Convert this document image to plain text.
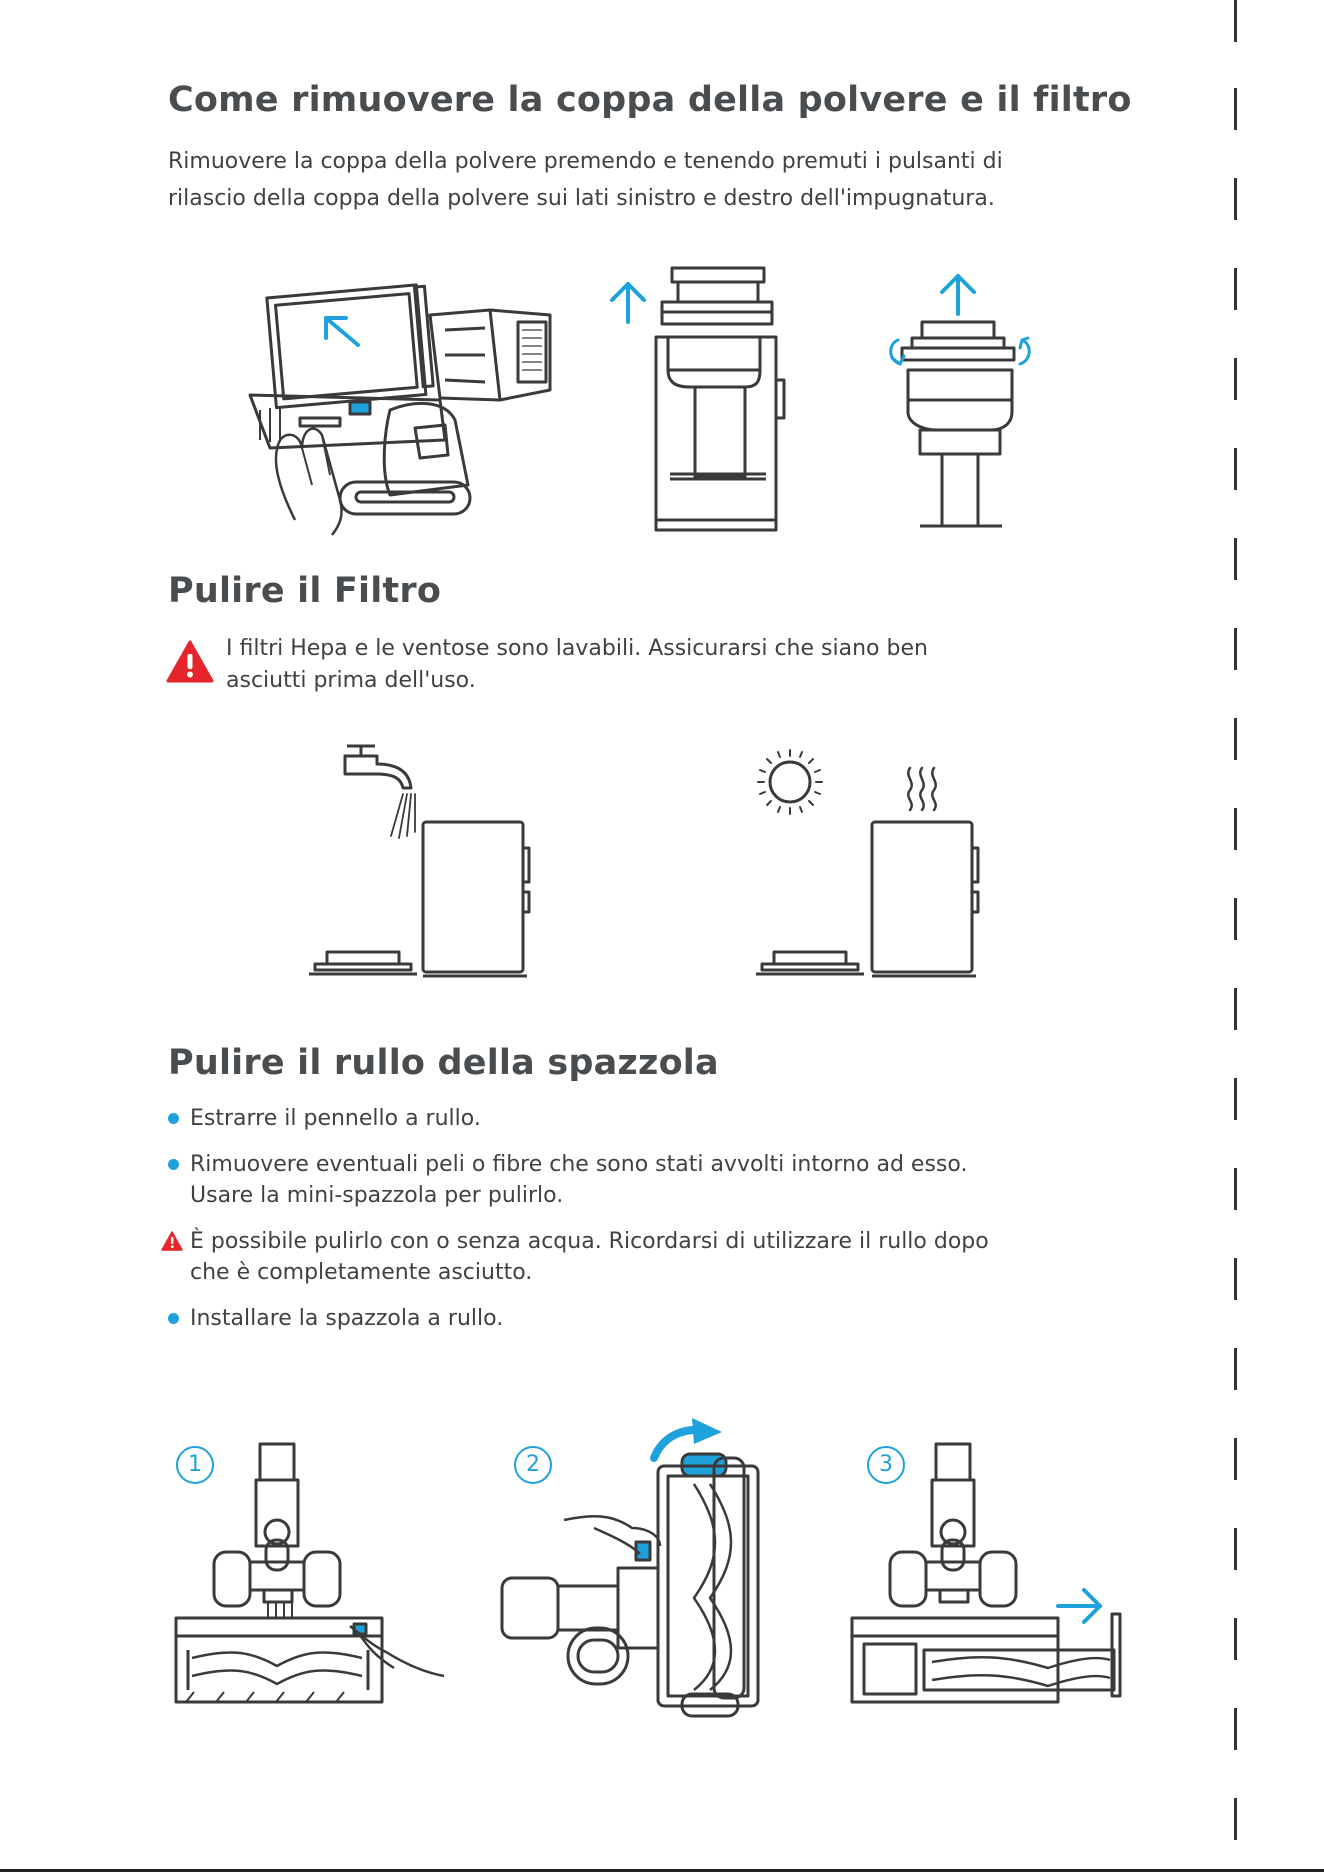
Come rimuovere la coppa della polvere e il filtro

Rimuovere la coppa della polvere premendo e tenendo premuti i pulsanti di

rilascio della coppa della polvere sui lati sinistro e destro dell'impugnatura.

Pulire il Filtro

I filtri Hepa e le ventose sono lavabili. Assicurarsi che siano ben

asciutti prima dell'uso.

Pulire il rullo della spazzola
Estrarre il pennello a rullo.
Rimuovere eventuali peli o fibre che sono stati avvolti intorno ad esso.
Usare la mini-spazzola per pulirlo.
È possibile pulirlo con o senza acqua. Ricordarsi di utilizzare il rullo dopo
che è completamente asciutto.
Installare la spazzola a rullo.
1	2	3
